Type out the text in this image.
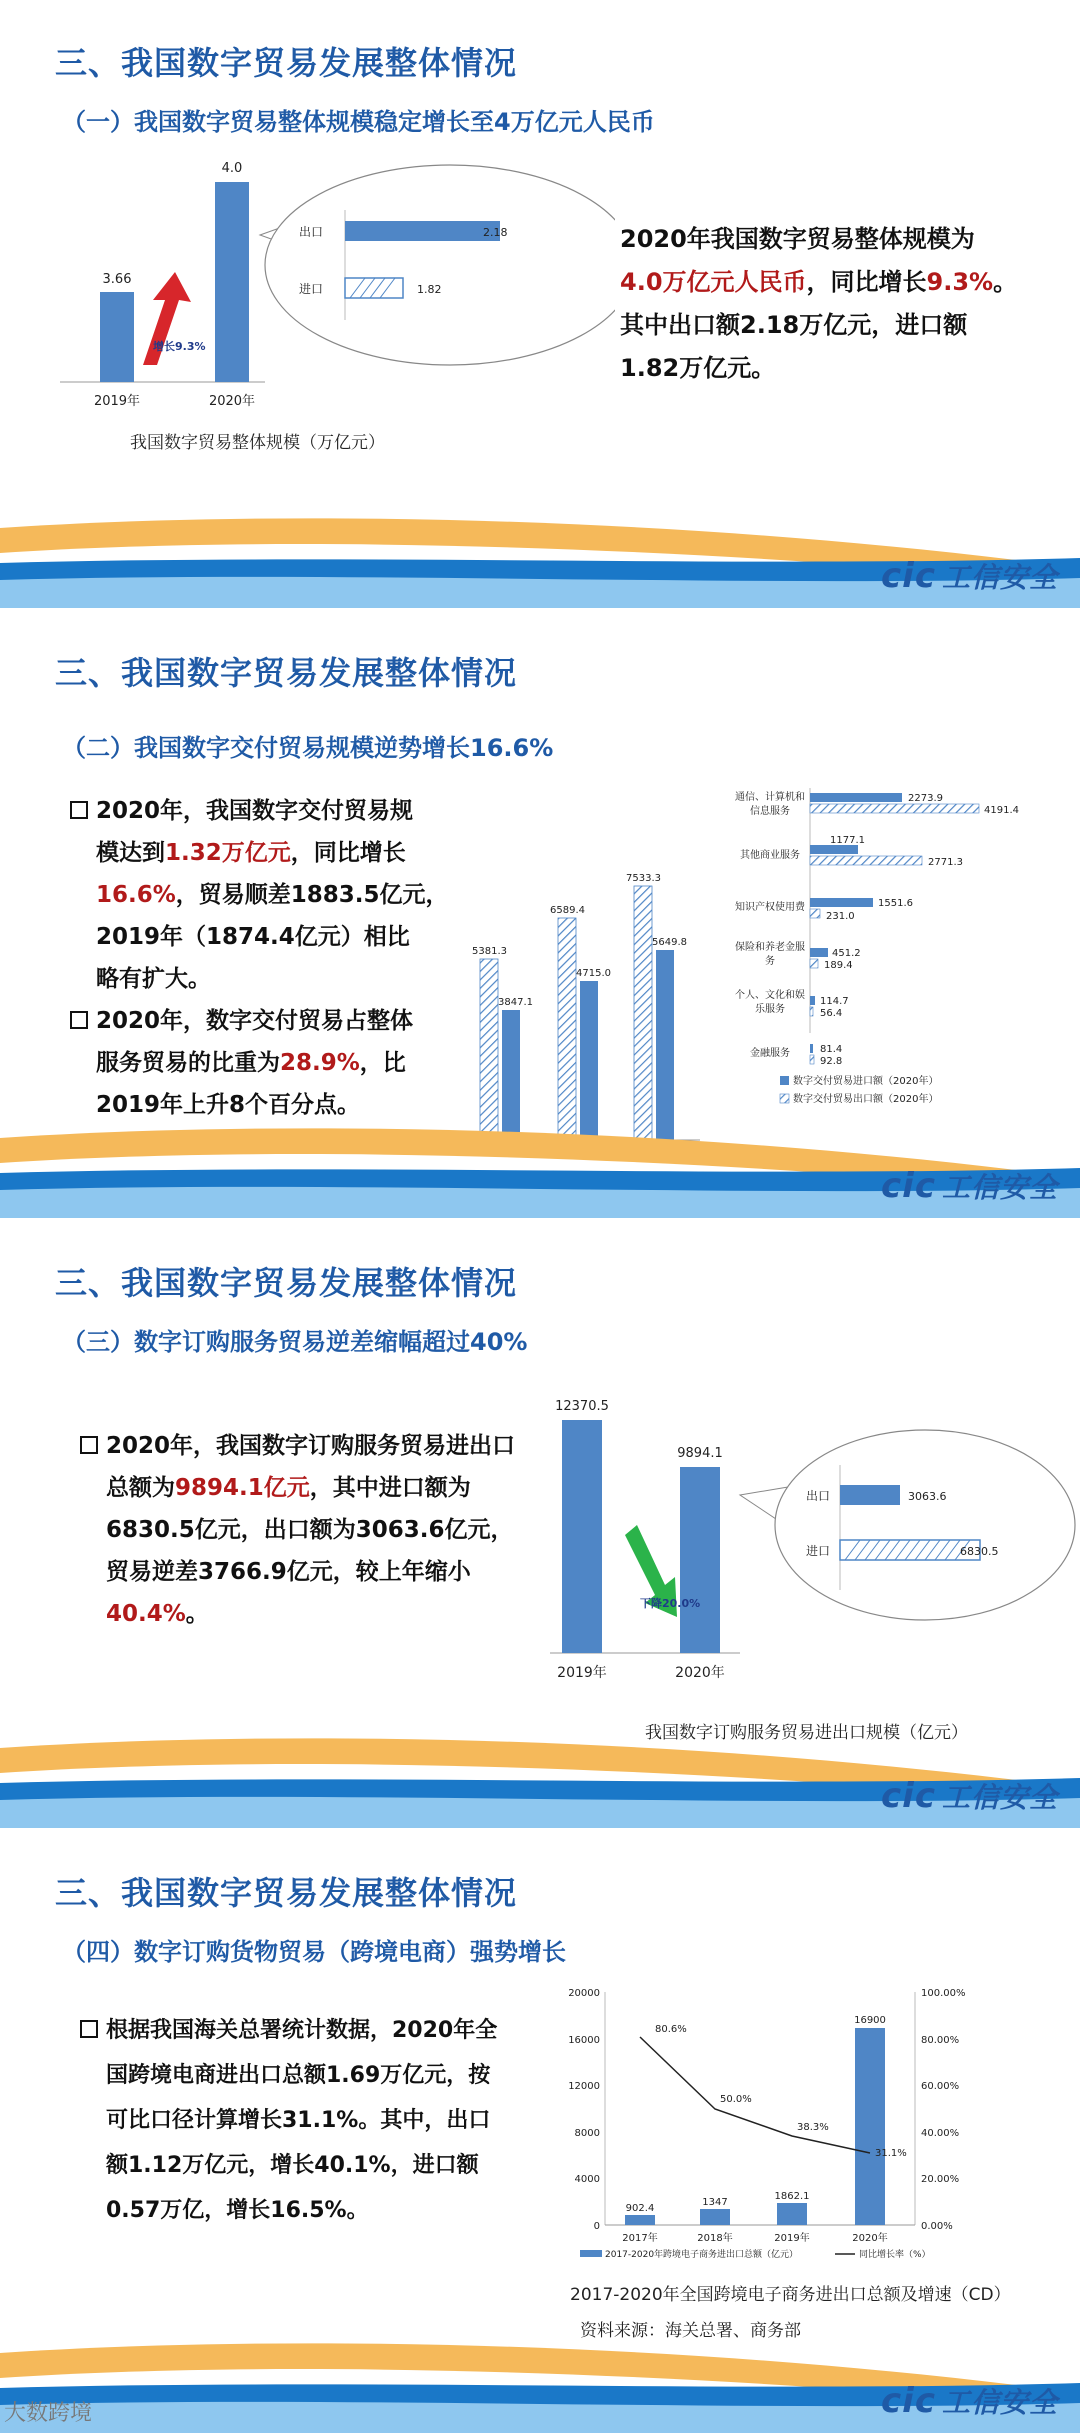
三、我国数字贸易发展整体情况
（一）我国数字贸易整体规模稳定增长至4万亿元人民币
3.66
4.0
2019年	2020年
增长9.3%
出口
进口
2.18
1.82
我国数字贸易整体规模（万亿元）
2020年我国数字贸易整体规模为
4.0万亿元人民币，同比增长9.3%。
其中出口额2.18万亿元，进口额
1.82万亿元。
cic 工信安全
三、我国数字贸易发展整体情况
（二）我国数字交付贸易规模逆势增长16.6%
2020年，我国数字交付贸易规
模达到1.32万亿元，同比增长
16.6%，贸易顺差1883.5亿元，
2019年（1874.4亿元）相比
略有扩大。
2020年，数字交付贸易占整体
服务贸易的比重为28.9%，比
2019年上升8个百分点。
5381.3
3847.1
6589.4
4715.0
7533.3
5649.8
通信、计算机和
信息服务
2273.9
4191.4
其他商业服务
1177.1
2771.3
知识产权使用费	1551.6
231.0
保险和养老金服
务
451.2
189.4
个人、文化和娱
乐服务
114.7
56.4
金融服务	81.4
92.8
数字交付贸易进口额（2020年）
数字交付贸易出口额（2020年）
cic 工信安全
三、我国数字贸易发展整体情况
（三）数字订购服务贸易逆差缩幅超过40%
2020年，我国数字订购服务贸易进出口
总额为9894.1亿元，其中进口额为
6830.5亿元，出口额为3063.6亿元，
贸易逆差3766.9亿元，较上年缩小
40.4%。
12370.5
9894.1
2019年	2020年
下降20.0%
出口
进口
3063.6
6830.5
我国数字订购服务贸易进出口规模（亿元）
cic 工信安全
三、我国数字贸易发展整体情况
（四）数字订购货物贸易（跨境电商）强势增长
根据我国海关总署统计数据，2020年全
国跨境电商进出口总额1.69万亿元，按
可比口径计算增长31.1%。其中，出口
额1.12万亿元，增长40.1%，进口额
0.57万亿，增长16.5%。
20000
16000
12000
8000
4000
0
100.00%
80.00%
60.00%
40.00%
20.00%
0.00%
902.4
1347
1862.1
16900
80.6%
50.0%
38.3%
31.1%
2017年	2018年	2019年	2020年
2017-2020年跨境电子商务进出口总额（亿元）	同比增长率（%）
2017-2020年全国跨境电子商务进出口总额及增速（CD）
资料来源：海关总署、商务部
cic 工信安全
大数跨境
